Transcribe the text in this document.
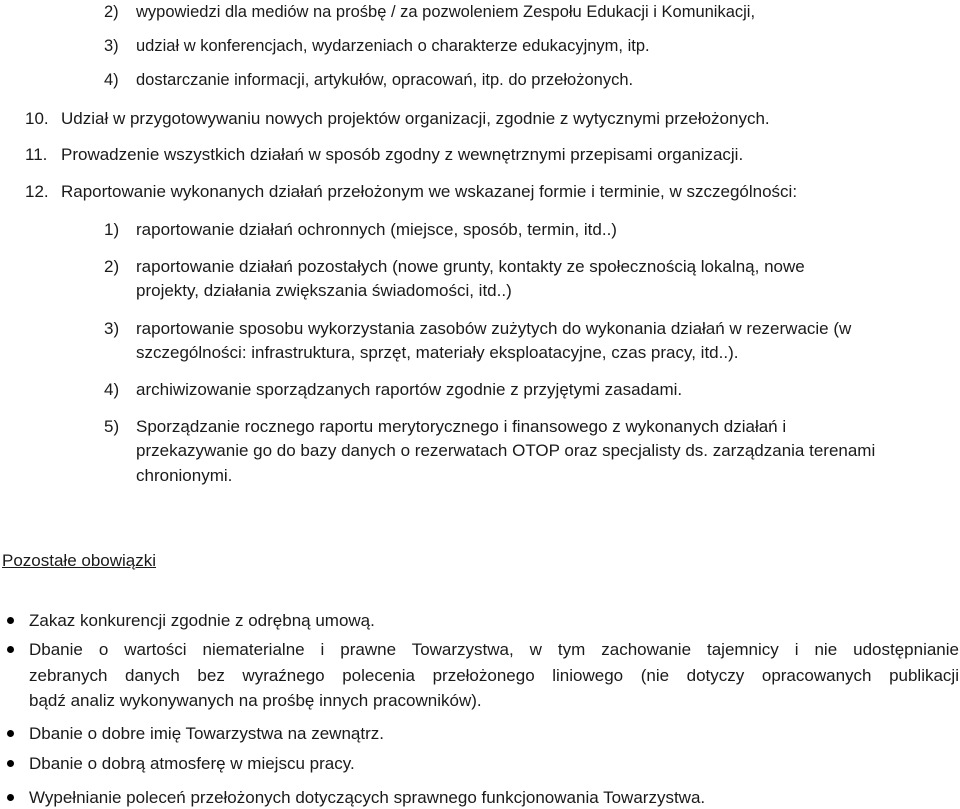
2) wypowiedzi dla mediów na prośbę / za pozwoleniem Zespołu Edukacji i Komunikacji,
3) udział w konferencjach, wydarzeniach o charakterze edukacyjnym, itp.
4) dostarczanie informacji, artykułów, opracowań, itp. do przełożonych.
10. Udział w przygotowywaniu nowych projektów organizacji, zgodnie z wytycznymi przełożonych.
11. Prowadzenie wszystkich działań w sposób zgodny z wewnętrznymi przepisami organizacji.
12. Raportowanie wykonanych działań przełożonym we wskazanej formie i terminie, w szczególności:
1) raportowanie działań ochronnych (miejsce, sposób, termin, itd..)
2) raportowanie działań pozostałych (nowe grunty, kontakty ze społecznością lokalną, nowe
projekty, działania zwiększania świadomości, itd..)
3) raportowanie sposobu wykorzystania zasobów zużytych do wykonania działań w rezerwacie (w
szczególności: infrastruktura, sprzęt, materiały eksploatacyjne, czas pracy, itd..).
4) archiwizowanie sporządzanych raportów zgodnie z przyjętymi zasadami.
5) Sporządzanie rocznego raportu merytorycznego i finansowego z wykonanych działań i
przekazywanie go do bazy danych o rezerwatach OTOP oraz specjalisty ds. zarządzania terenami
chronionymi.
Pozostałe obowiązki
Zakaz konkurencji zgodnie z odrębną umową.
Dbanie o wartości niematerialne i prawne Towarzystwa, w tym zachowanie tajemnicy i nie udostępnianie
zebranych danych bez wyraźnego polecenia przełożonego liniowego (nie dotyczy opracowanych publikacji
bądź analiz wykonywanych na prośbę innych pracowników).
Dbanie o dobre imię Towarzystwa na zewnątrz.
Dbanie o dobrą atmosferę w miejscu pracy.
Wypełnianie poleceń przełożonych dotyczących sprawnego funkcjonowania Towarzystwa.
